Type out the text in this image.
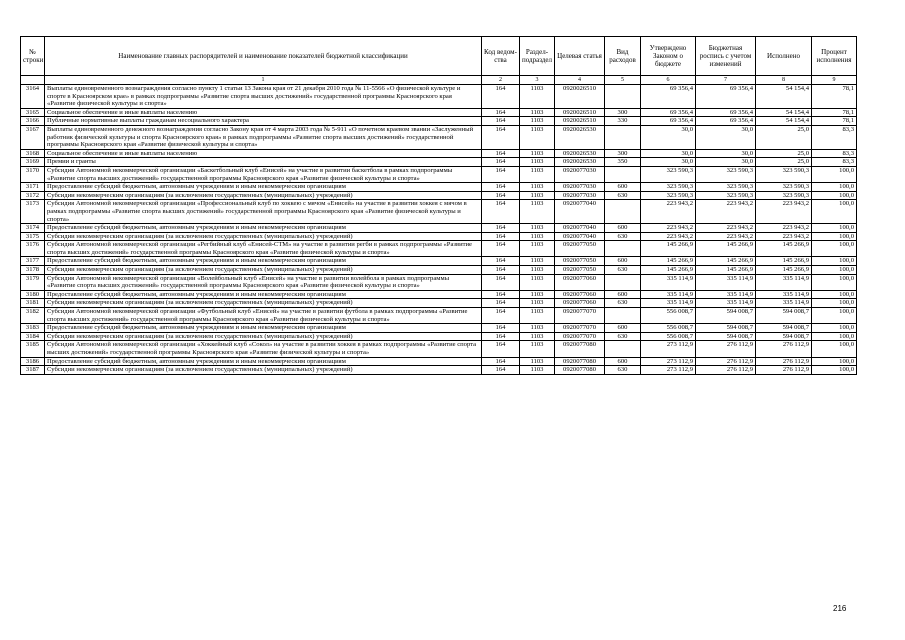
№ строки	Наименование главных распорядителей и наименование показателей бюджетной классификации	Код ведом-ства	Раздел-подраздел	Целевая статья	Вид расходов	Утверждено Законом о бюджете	Бюджетная роспись с учетом изменений	Исполнено	Процент исполнения
	1	2	3	4	5	6	7	8	9
3164	Выплаты единовременного вознаграждения согласно пункту 1 статьи 13 Закона края от 21 декабря 2010 года № 11-5566 «О физической культуре и спорте в Красноярском крае» в рамках подпрограммы «Развитие спорта высших достижений» государственной программы Красноярского края «Развитие физической культуры и спорта»	164	1103	0920026510		69 356,4	69 356,4	54 154,4	78,1
3165	Социальное обеспечение и иные выплаты населению	164	1103	0920026510	300	69 356,4	69 356,4	54 154,4	78,1
3166	Публичные нормативные выплаты гражданам несоциального характера	164	1103	0920026510	330	69 356,4	69 356,4	54 154,4	78,1
3167	Выплаты единовременного денежного вознаграждения согласно Закону края от 4 марта 2003 года № 5-911 «О почетном краевом звании «Заслуженный работник физической культуры и спорта Красноярского края» в рамках подпрограммы «Развитие спорта высших достижений» государственной программы Красноярского края «Развитие физической культуры и спорта»	164	1103	0920026530		30,0	30,0	25,0	83,3
3168	Социальное обеспечение и иные выплаты населению	164	1103	0920026530	300	30,0	30,0	25,0	83,3
3169	Премии и гранты	164	1103	0920026530	350	30,0	30,0	25,0	83,3
3170	Субсидия Автономной некоммерческой организации «Баскетбольный клуб «Енисей» на участие в развитии баскетбола в рамках подпрограммы «Развитие спорта высших достижений» государственной программы Красноярского края «Развитие физической культуры и спорта»	164	1103	0920077030		323 590,3	323 590,3	323 590,3	100,0
3171	Предоставление субсидий бюджетным, автономным учреждениям и иным некоммерческим организациям	164	1103	0920077030	600	323 590,3	323 590,3	323 590,3	100,0
3172	Субсидии некоммерческим организациям (за исключением государственных (муниципальных) учреждений)	164	1103	0920077030	630	323 590,3	323 590,3	323 590,3	100,0
3173	Субсидия Автономной некоммерческой организации «Профессиональный клуб по хоккею с мячом «Енисей» на участие в развитии хоккея с мячом в рамках подпрограммы «Развитие спорта высших достижений» государственной программы Красноярского края «Развитие физической культуры и спорта»	164	1103	0920077040		223 943,2	223 943,2	223 943,2	100,0
3174	Предоставление субсидий бюджетным, автономным учреждениям и иным некоммерческим организациям	164	1103	0920077040	600	223 943,2	223 943,2	223 943,2	100,0
3175	Субсидии некоммерческим организациям (за исключением государственных (муниципальных) учреждений)	164	1103	0920077040	630	223 943,2	223 943,2	223 943,2	100,0
3176	Субсидия Автономной некоммерческой организации «Регбийный клуб «Енисей-СТМ» на участие в развитии регби в рамках подпрограммы «Развитие спорта высших достижений» государственной программы Красноярского края «Развитие физической культуры и спорта»	164	1103	0920077050		145 266,9	145 266,9	145 266,9	100,0
3177	Предоставление субсидий бюджетным, автономным учреждениям и иным некоммерческим организациям	164	1103	0920077050	600	145 266,9	145 266,9	145 266,9	100,0
3178	Субсидии некоммерческим организациям (за исключением государственных (муниципальных) учреждений)	164	1103	0920077050	630	145 266,9	145 266,9	145 266,9	100,0
3179	Субсидия Автономной некоммерческой организации «Волейбольный клуб «Енисей» на участие в развитии волейбола в рамках подпрограммы «Развитие спорта высших достижений» государственной программы Красноярского края «Развитие физической культуры и спорта»	164	1103	0920077060		335 114,9	335 114,9	335 114,9	100,0
3180	Предоставление субсидий бюджетным, автономным учреждениям и иным некоммерческим организациям	164	1103	0920077060	600	335 114,9	335 114,9	335 114,9	100,0
3181	Субсидии некоммерческим организациям (за исключением государственных (муниципальных) учреждений)	164	1103	0920077060	630	335 114,9	335 114,9	335 114,9	100,0
3182	Субсидия Автономной некоммерческой организации «Футбольный клуб «Енисей» на участие в развитии футбола в рамках подпрограммы «Развитие спорта высших достижений» государственной программы Красноярского края «Развитие физической культуры и спорта»	164	1103	0920077070		556 008,7	594 008,7	594 008,7	100,0
3183	Предоставление субсидий бюджетным, автономным учреждениям и иным некоммерческим организациям	164	1103	0920077070	600	556 008,7	594 008,7	594 008,7	100,0
3184	Субсидии некоммерческим организациям (за исключением государственных (муниципальных) учреждений)	164	1103	0920077070	630	556 008,7	594 008,7	594 008,7	100,0
3185	Субсидия Автономной некоммерческой организации «Хоккейный клуб «Сокол» на участие в развитии хоккея в рамках подпрограммы «Развитие спорта высших достижений» государственной программы Красноярского края «Развитие физической культуры и спорта»	164	1103	0920077080		273 112,9	276 112,9	276 112,9	100,0
3186	Предоставление субсидий бюджетным, автономным учреждениям и иным некоммерческим организациям	164	1103	0920077080	600	273 112,9	276 112,9	276 112,9	100,0
3187	Субсидии некоммерческим организациям (за исключением государственных (муниципальных) учреждений)	164	1103	0920077080	630	273 112,9	276 112,9	276 112,9	100,0
216
